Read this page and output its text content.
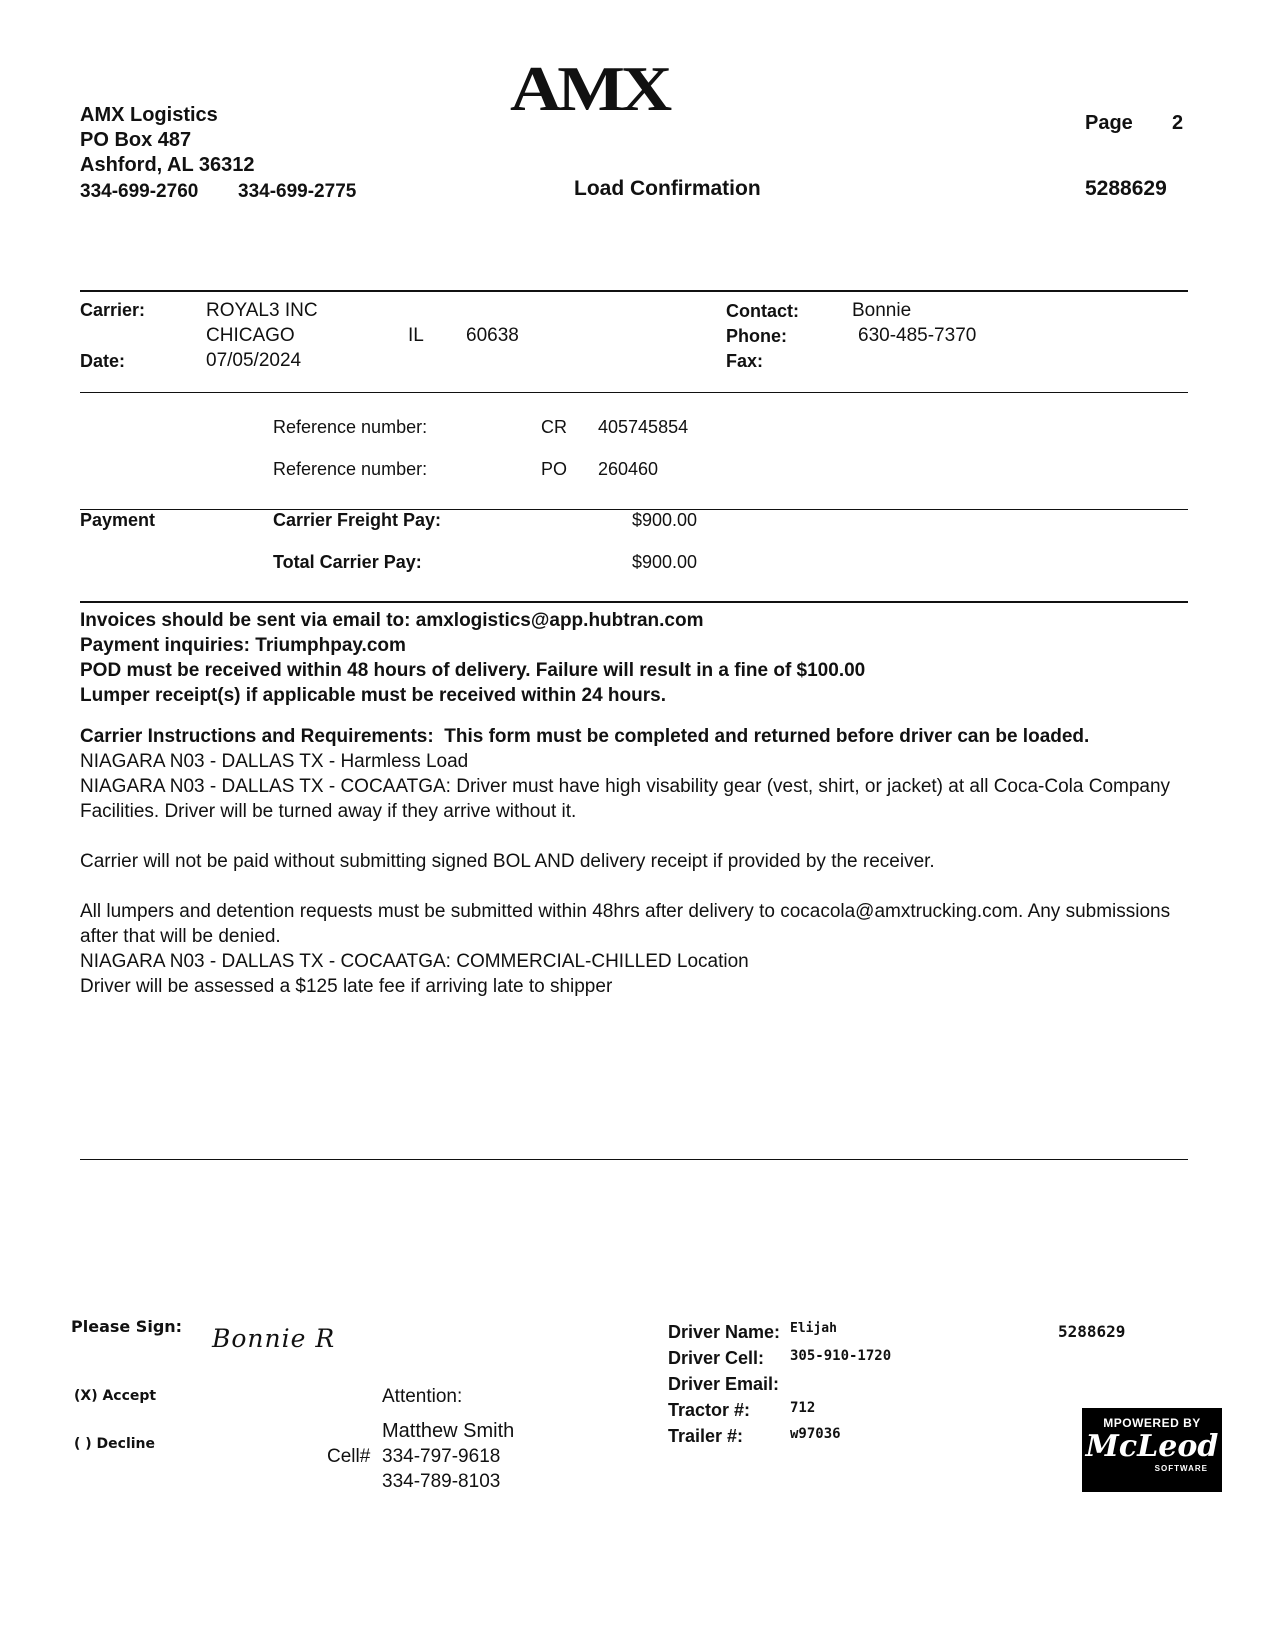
AMX
AMX Logistics
PO Box 487
Ashford, AL 36312
334-699-2760 334-699-2775	Load Confirmation
Page 2
5288629
Carrier:	ROYAL3 INC
CHICAGO	IL 60638
Date:	07/05/2024
Contact:	Bonnie
Phone:	630-485-7370
Fax:
Reference number:	CR 405745854
Reference number:	PO 260460
Payment	Carrier Freight Pay:	$900.00
Total Carrier Pay:	$900.00
Invoices should be sent via email to: amxlogistics@app.hubtran.com
Payment inquiries: Triumphpay.com
POD must be received within 48 hours of delivery. Failure will result in a fine of $100.00
Lumper receipt(s) if applicable must be received within 24 hours.

Carrier Instructions and Requirements:  This form must be completed and returned before driver can be loaded.

NIAGARA N03 - DALLAS TX - Harmless Load

NIAGARA N03 - DALLAS TX - COCAATGA: Driver must have high visability gear (vest, shirt, or jacket) at all Coca-Cola Company Facilities. Driver will be turned away if they arrive without it.

Carrier will not be paid without submitting signed BOL AND delivery receipt if provided by the receiver.

All lumpers and detention requests must be submitted within 48hrs after delivery to cocacola@amxtrucking.com. Any submissions after that will be denied.

NIAGARA N03 - DALLAS TX - COCAATGA: COMMERCIAL-CHILLED Location

Driver will be assessed a $125 late fee if arriving late to shipper

Please Sign: Bonnie R
(X) Accept
( ) Decline
Attention:
Matthew Smith
Cell# 334-797-9618
334-789-8103
Driver Name: Elijah
Driver Cell: 305-910-1720
Driver Email:
Tractor #:	712
Trailer #:	w97036
5288629
MPOWERED BY
McLeod
SOFTWARE
